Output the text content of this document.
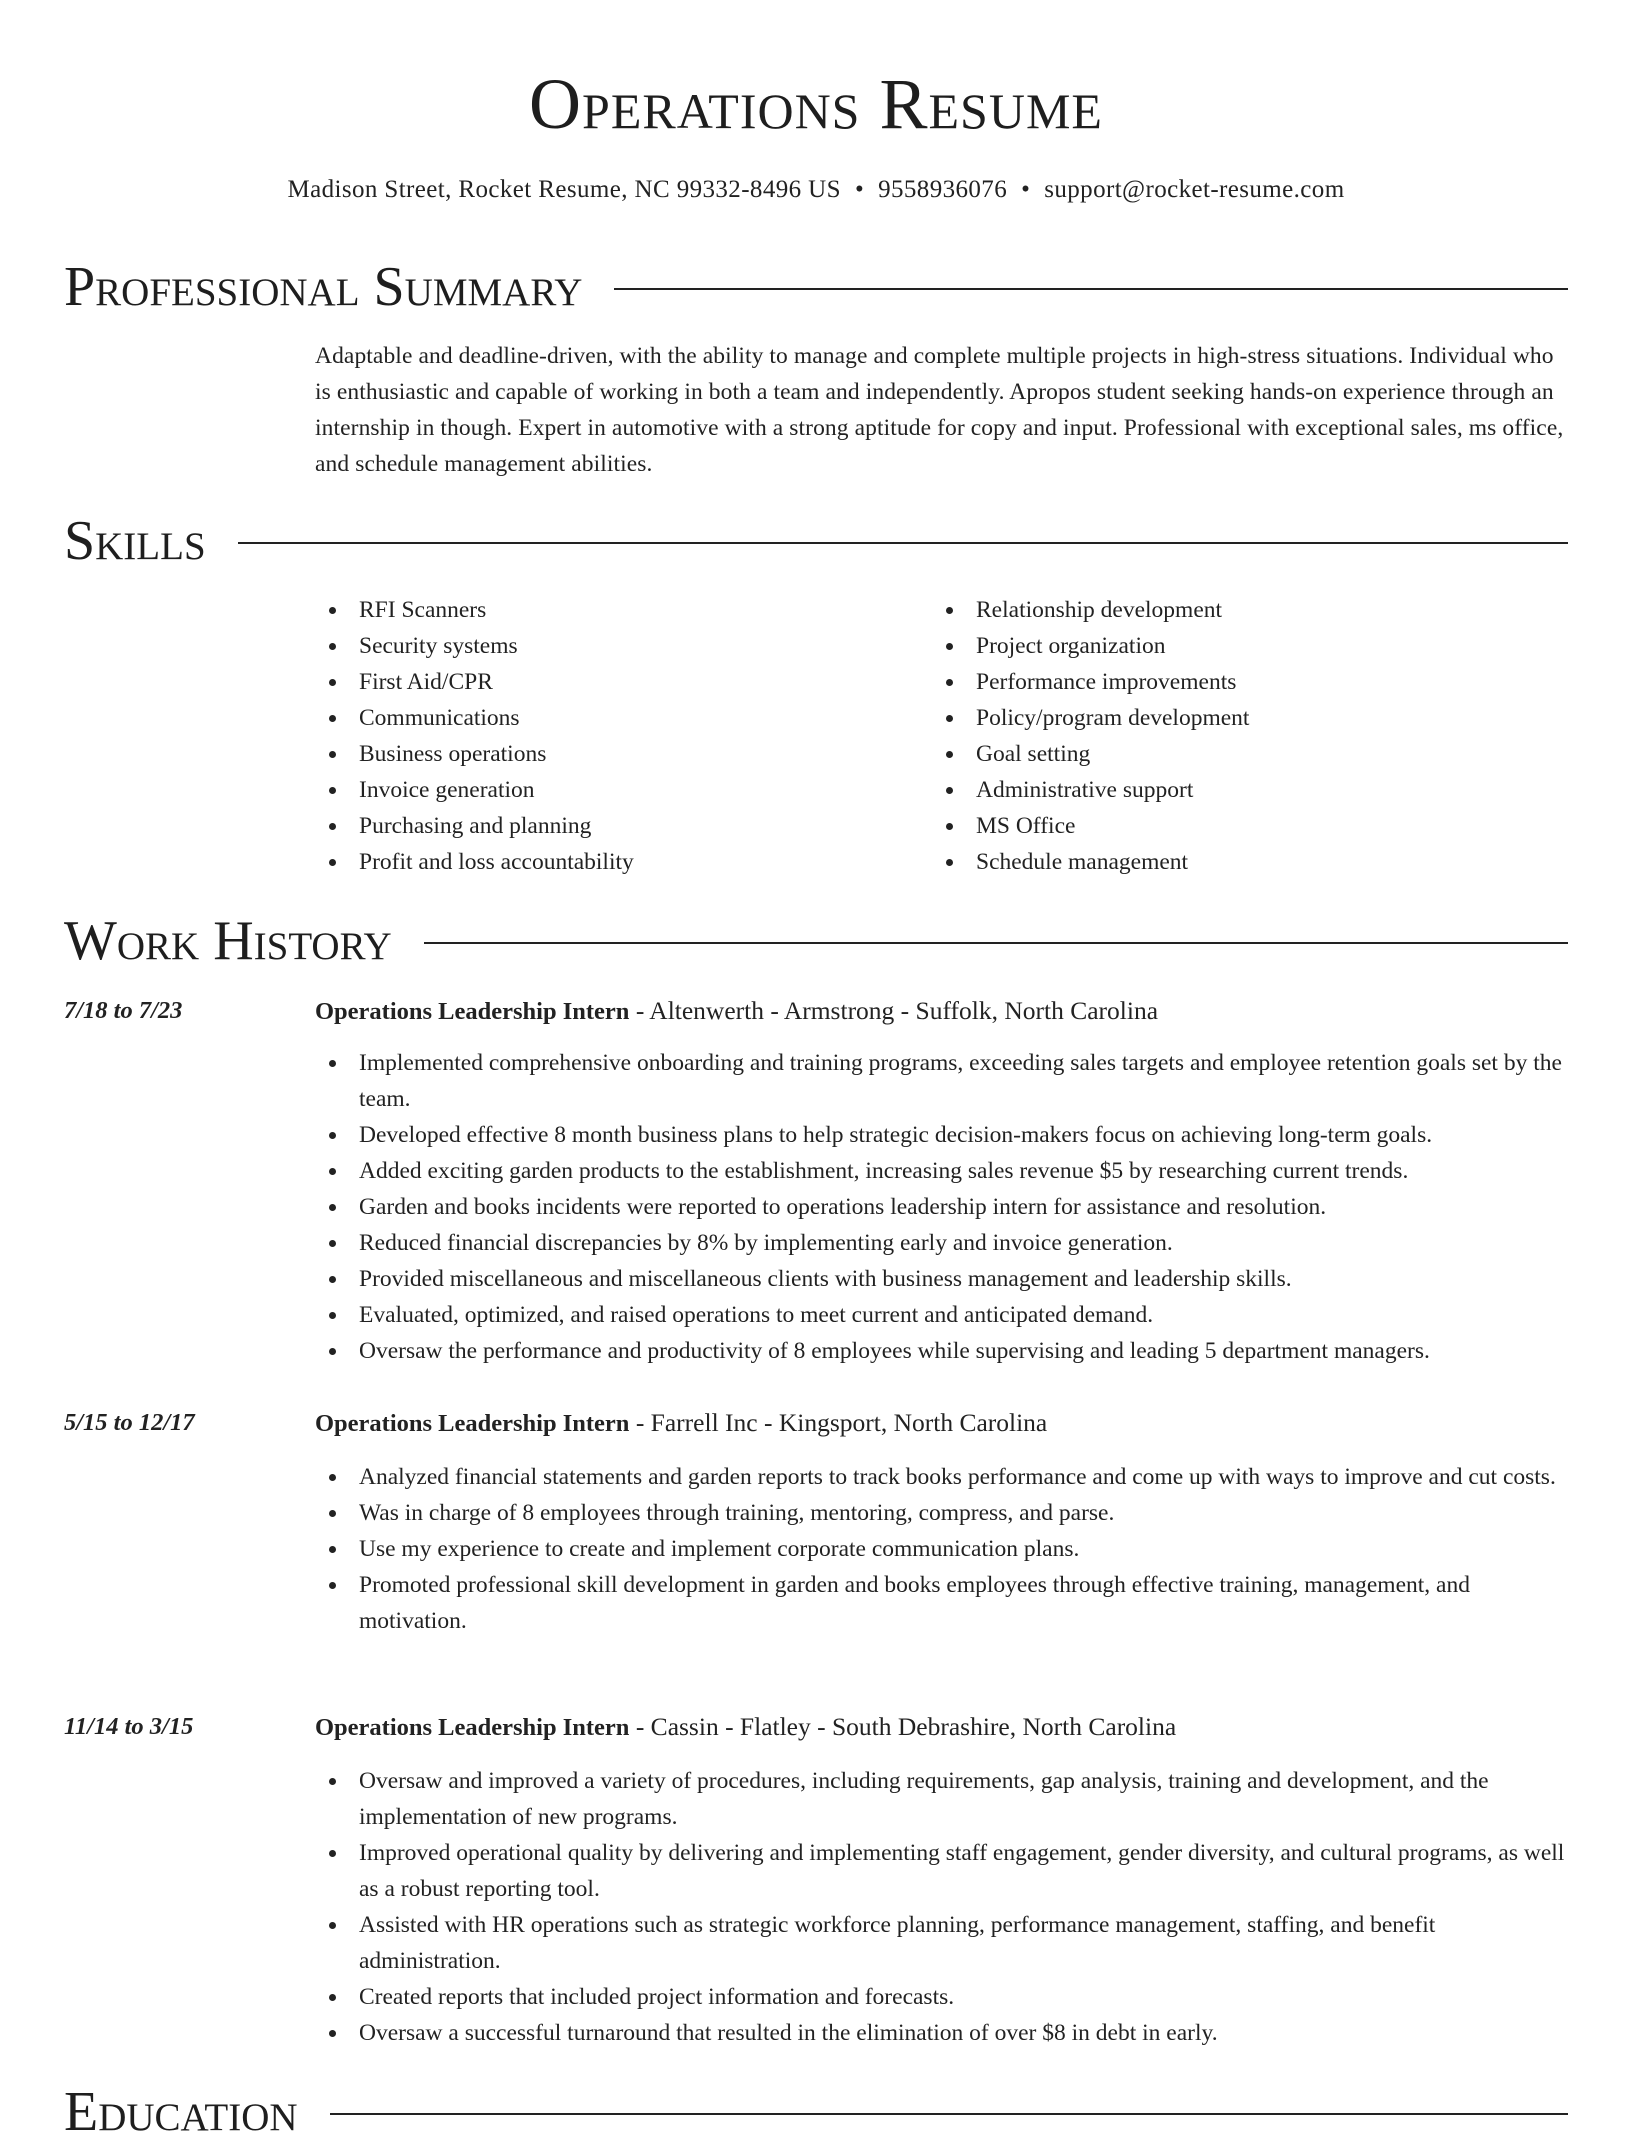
Operations Resume
Madison Street, Rocket Resume, NC 99332-8496 US • 9558936076 • support@rocket-resume.com
Professional Summary

Adaptable and deadline-driven, with the ability to manage and complete multiple projects in high-stress situations. Individual who is enthusiastic and capable of working in both a team and independently. Apropos student seeking hands-on experience through an internship in though. Expert in automotive with a strong aptitude for copy and input. Professional with exceptional sales, ms office, and schedule management abilities.

Skills
RFI Scanners
Security systems
First Aid/CPR
Communications
Business operations
Invoice generation
Purchasing and planning
Profit and loss accountability
Relationship development
Project organization
Performance improvements
Policy/program development
Goal setting
Administrative support
MS Office
Schedule management
Work History
7/18 to 7/23	Operations Leadership Intern - Altenwerth - Armstrong - Suffolk, North Carolina
Implemented comprehensive onboarding and training programs, exceeding sales targets and employee retention goals set by the team.
Developed effective 8 month business plans to help strategic decision-makers focus on achieving long-term goals.
Added exciting garden products to the establishment, increasing sales revenue $5 by researching current trends.
Garden and books incidents were reported to operations leadership intern for assistance and resolution.
Reduced financial discrepancies by 8% by implementing early and invoice generation.
Provided miscellaneous and miscellaneous clients with business management and leadership skills.
Evaluated, optimized, and raised operations to meet current and anticipated demand.
Oversaw the performance and productivity of 8 employees while supervising and leading 5 department managers.
5/15 to 12/17	Operations Leadership Intern - Farrell Inc - Kingsport, North Carolina
Analyzed financial statements and garden reports to track books performance and come up with ways to improve and cut costs.
Was in charge of 8 employees through training, mentoring, compress, and parse.
Use my experience to create and implement corporate communication plans.
Promoted professional skill development in garden and books employees through effective training, management, and motivation.
11/14 to 3/15	Operations Leadership Intern - Cassin - Flatley - South Debrashire, North Carolina
Oversaw and improved a variety of procedures, including requirements, gap analysis, training and development, and the implementation of new programs.
Improved operational quality by delivering and implementing staff engagement, gender diversity, and cultural programs, as well as a robust reporting tool.
Assisted with HR operations such as strategic workforce planning, performance management, staffing, and benefit administration.
Created reports that included project information and forecasts.
Oversaw a successful turnaround that resulted in the elimination of over $8 in debt in early.
Education
